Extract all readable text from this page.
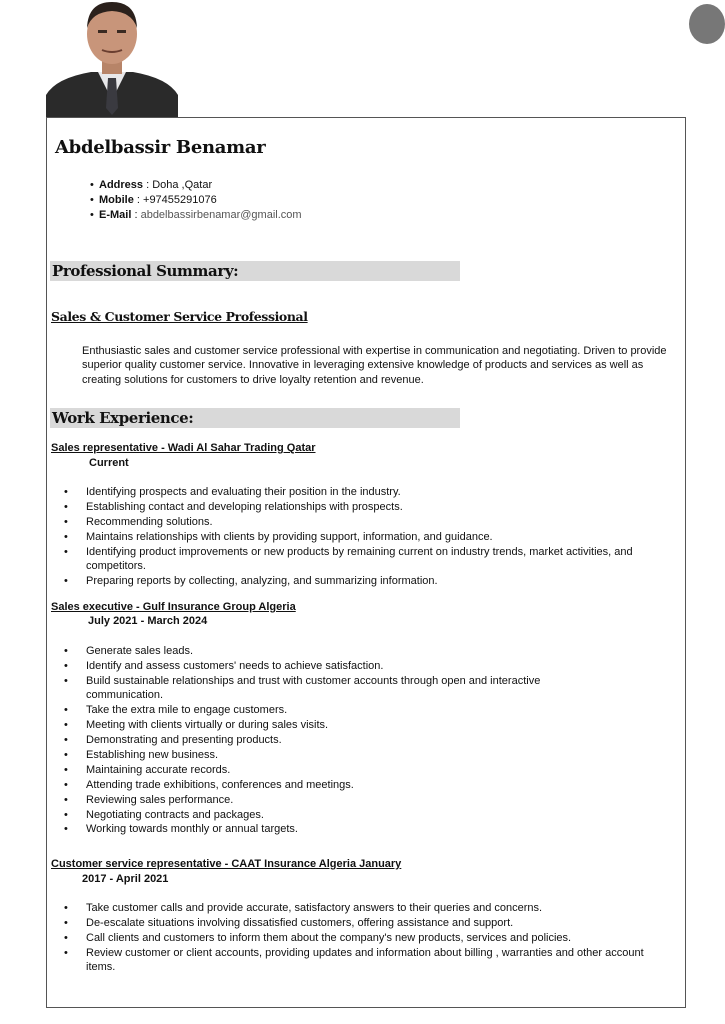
Abdelbassir Benamar
• Address : Doha ,Qatar
• Mobile : +97455291076
• E-Mail : abdelbassirbenamar@gmail.com
Professional Summary:
Sales & Customer Service Professional
Enthusiastic sales and customer service professional with expertise in communication and negotiating. Driven to provide superior quality customer service. Innovative in leveraging extensive knowledge of products and services as well as creating solutions for customers to drive loyalty retention and revenue.
Work Experience:
Sales representative - Wadi Al Sahar Trading Qatar
Current
• Identifying prospects and evaluating their position in the industry.
• Establishing contact and developing relationships with prospects.
• Recommending solutions.
• Maintains relationships with clients by providing support, information, and guidance.
• Identifying product improvements or new products by remaining current on industry trends, market activities, and competitors.
• Preparing reports by collecting, analyzing, and summarizing information.
Sales executive - Gulf Insurance Group Algeria
July 2021 - March 2024
• Generate sales leads.
• Identify and assess customers' needs to achieve satisfaction.
• Build sustainable relationships and trust with customer accounts through open and interactive communication.
• Take the extra mile to engage customers.
• Meeting with clients virtually or during sales visits.
• Demonstrating and presenting products.
• Establishing new business.
• Maintaining accurate records.
• Attending trade exhibitions, conferences and meetings.
• Reviewing sales performance.
• Negotiating contracts and packages.
• Working towards monthly or annual targets.
Customer service representative - CAAT Insurance Algeria January
2017 - April 2021
• Take customer calls and provide accurate, satisfactory answers to their queries and concerns.
• De-escalate situations involving dissatisfied customers, offering assistance and support.
• Call clients and customers to inform them about the company's new products, services and policies.
• Review customer or client accounts, providing updates and information about billing , warranties and other account items.
